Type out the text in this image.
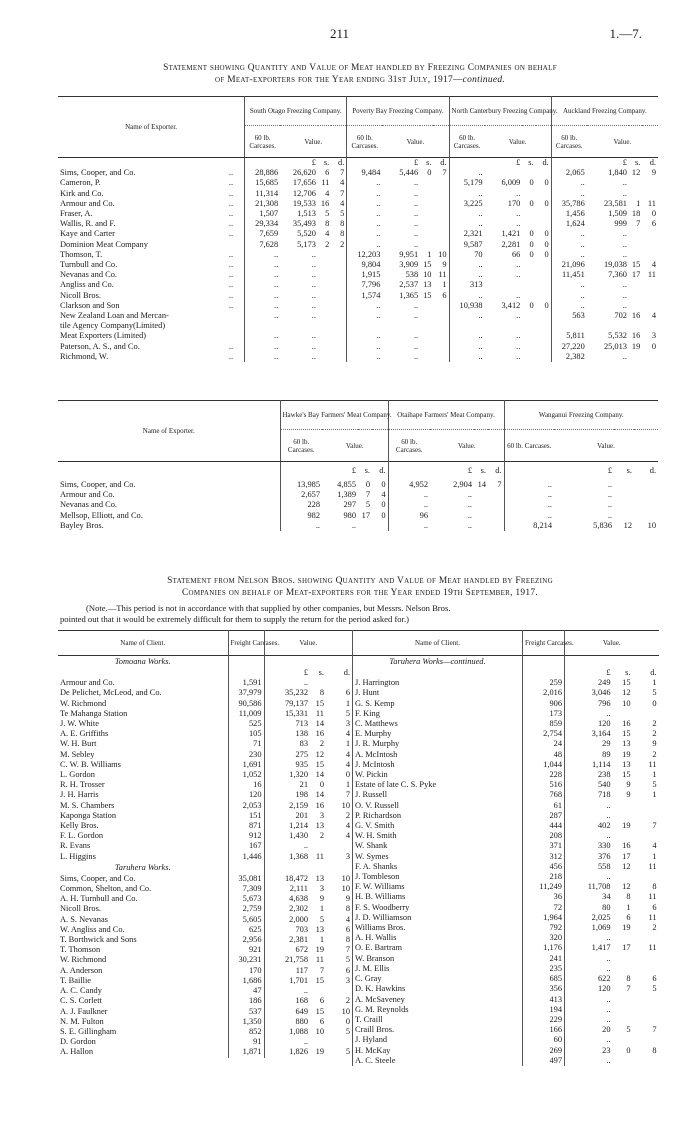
211	1.—7.
Statement showing Quantity and Value of Meat handled by Freezing Companies on behalf
of Meat-exporters for the Year ending 31st July, 1917—continued.
Name of Exporter.		South Otago Freezing Company.				Poverty Bay Freezing Company.				North Canterbury Freezing Company.				Auckland Freezing Company.			
		60 lb. Carcases.	Value.			60 lb. Carcases.	Value.			60 lb. Carcases.	Value.			60 lb. Carcases.	Value.		
			£	s.	d.		£	s.	d.		£	s.	d.		£	s.	d.
Sims, Cooper, and Co.	..	28,886	26,620	6	7	9,484	5,446	0	7	..				2,065	1,840	12	9
Cameron, P.	..	15,685	17,656	11	4	..	..			5,179	6,009	0	0	..	..		
Kirk and Co.	..	11,314	12,706	4	7	..	..			..	..			..	..		
Armour and Co.	..	21,308	19,533	16	4	..	..			3,225	170	0	0	35,786	23,581	1	11
Fraser, A.	..	1,507	1,513	5	5	..	..			..	..			1,456	1,509	18	0
Wallis, R. and F.	..	29,334	35,493	8	8	..	..			..	..			1,624	999	7	6
Kaye and Carter	..	7,659	5,520	4	8	..	..			2,321	1,421	0	0	..	..		
Dominion Meat Company		7,628	5,173	2	2	..	..			9,587	2,281	0	0	..	..		
Thomson, T.	..	..	..			12,203	9,951	1	10	70	66	0	0	..	..		
Turnbull and Co.	..	..	..			9,804	3,909	15	9	..	..			21,096	19,038	15	4
Nevanas and Co.	..	..	..			1,915	538	10	11	..	..			11,451	7,360	17	11
Angliss and Co.	..	..	..			7,796	2,537	13	1	313				..	..		
Nicoll Bros.	..	..	..			1,574	1,365	15	6	..	..			..	..		
Clarkson and Son	..	..	..			..	..			10,938	3,412	0	0	..	..		
New Zealand Loan and Mercan-		..	..			..	..			..	..			563	702	16	4
tile Agency Company(Limited)																	
Meat Exporters (Limited)		..	..			..	..			..	..			5,811	5,532	16	3
Paterson, A. S., and Co.	..	..	..			..	..			..	..			27,220	25,013	19	0
Richmond, W.	..	..	..			..	..			..	..			2,382	..		
Name of Exporter.	Hawke's Bay Farmers' Meat Company.				Otaihape Farmers' Meat Company.				Wanganui Freezing Company.			
	60 lb. Carcases.	Value.			60 lb. Carcases.	Value.			60 lb. Carcases.	Value.		
		£	s.	d.		£	s.	d.		£	s.	d.
Sims, Cooper, and Co.	13,985	4,855	0	0	4,952	2,904	14	7	..	..		
Armour and Co.	2,657	1,389	7	4	..	..			..	..		
Nevanas and Co.	228	297	5	0	..	..			..	..		
Mellsop, Elliott, and Co.	982	980	17	0	96	..			..	..		
Bayley Bros.	..	..			..	..			8,214	5,836	12	10
Statement from Nelson Bros. showing Quantity and Value of Meat handled by Freezing
Companies on behalf of Meat-exporters for the Year ended 19th September, 1917.
(Note.—This period is not in accordance with that supplied by other companies, but Messrs. Nelson Bros.
pointed out that it would be extremely difficult for them to supply the return for the period asked for.)
Name of Client.	Freight Carcases.	Value.		
Tomoana Works.				
		£	s.	d.
Armour and Co.	1,591	..		
De Pelichet, McLeod, and Co.	37,979	35,232	8	6
W. Richmond	90,586	79,137	15	1
Te Mahanga Station	11,009	15,331	11	5
J. W. White	525	713	14	3
A. E. Griffiths	105	138	16	4
W. H. Burt	71	83	2	1
M. Sebley	230	275	12	4
C. W. B. Williams	1,691	935	15	4
L. Gordon	1,052	1,320	14	0
R. H. Trosser	16	21	0	1
J. H. Harris	120	198	14	7
M. S. Chambers	2,053	2,159	16	10
Kaponga Station	151	201	3	2
Kelly Bros.	871	1,214	13	4
F. L. Gordon	912	1,430	2	4
R. Evans	167	..		
L. Higgins	1,446	1,368	11	3
Taruhera Works.				
Sims, Cooper, and Co.	35,081	18,472	13	10
Common, Shelton, and Co.	7,309	2,111	3	10
A. H. Turnbull and Co.	5,673	4,638	9	9
Nicoll Bros.	2,759	2,302	1	8
A. S. Nevanas	5,605	2,000	5	4
W. Angliss and Co.	625	703	13	6
T. Borthwick and Sons	2,956	2,381	1	8
T. Thomson	921	672	19	7
W. Richmond	30,231	21,758	11	5
A. Anderson	170	117	7	6
T. Baillie	1,686	1,701	15	3
A. C. Candy	47	..		
C. S. Corlett	186	168	6	2
A. J. Faulkner	537	649	15	10
N. M. Fulton	1,350	880	6	0
S. E. Gillingham	852	1,088	10	5
D. Gordon	91	..		
A. Hallon	1,871	1,826	19	5
Name of Client.	Freight Carcases.	Value.		
Taruhera Works—continued.				
		£	s.	d.
J. Harrington	259	249	15	1
J. Hunt	2,016	3,046	12	5
G. S. Kemp	906	796	10	0
F. King	173	..		
C. Matthews	859	120	16	2
E. Murphy	2,754	3,164	15	2
J. R. Murphy	24	29	13	9
A. McIntosh	48	89	19	2
J. McIntosh	1,044	1,114	13	11
W. Pickin	228	238	15	1
Estate of late C. S. Pyke	516	540	9	5
J. Russell	768	718	9	1
O. V. Russell	61	..		
P. Richardson	287	..		
G. V. Smith	444	402	19	7
W. H. Smith	208	..		
W. Shank	371	330	16	4
W. Symes	312	376	17	1
F. A. Shanks	456	558	12	11
J. Tombleson	218	..		
F. W. Williams	11,249	11,708	12	8
H. B. Williams	36	34	8	11
F. S. Woodberry	72	80	1	6
J. D. Williamson	1,964	2,025	6	11
Williams Bros.	792	1,069	19	2
A. H. Wallis	320	..		
O. E. Bartram	1,176	1,417	17	11
W. Branson	241	..		
J. M. Ellis	235	..		
C. Gray	685	622	8	6
D. K. Hawkins	356	120	7	5
A. McSaveney	413	..		
G. M. Reynolds	194	..		
T. Craill	229	..		
Craill Bros.	166	20	5	7
J. Hyland	60	..		
H. McKay	269	23	0	8
A. C. Steele	497	..		
